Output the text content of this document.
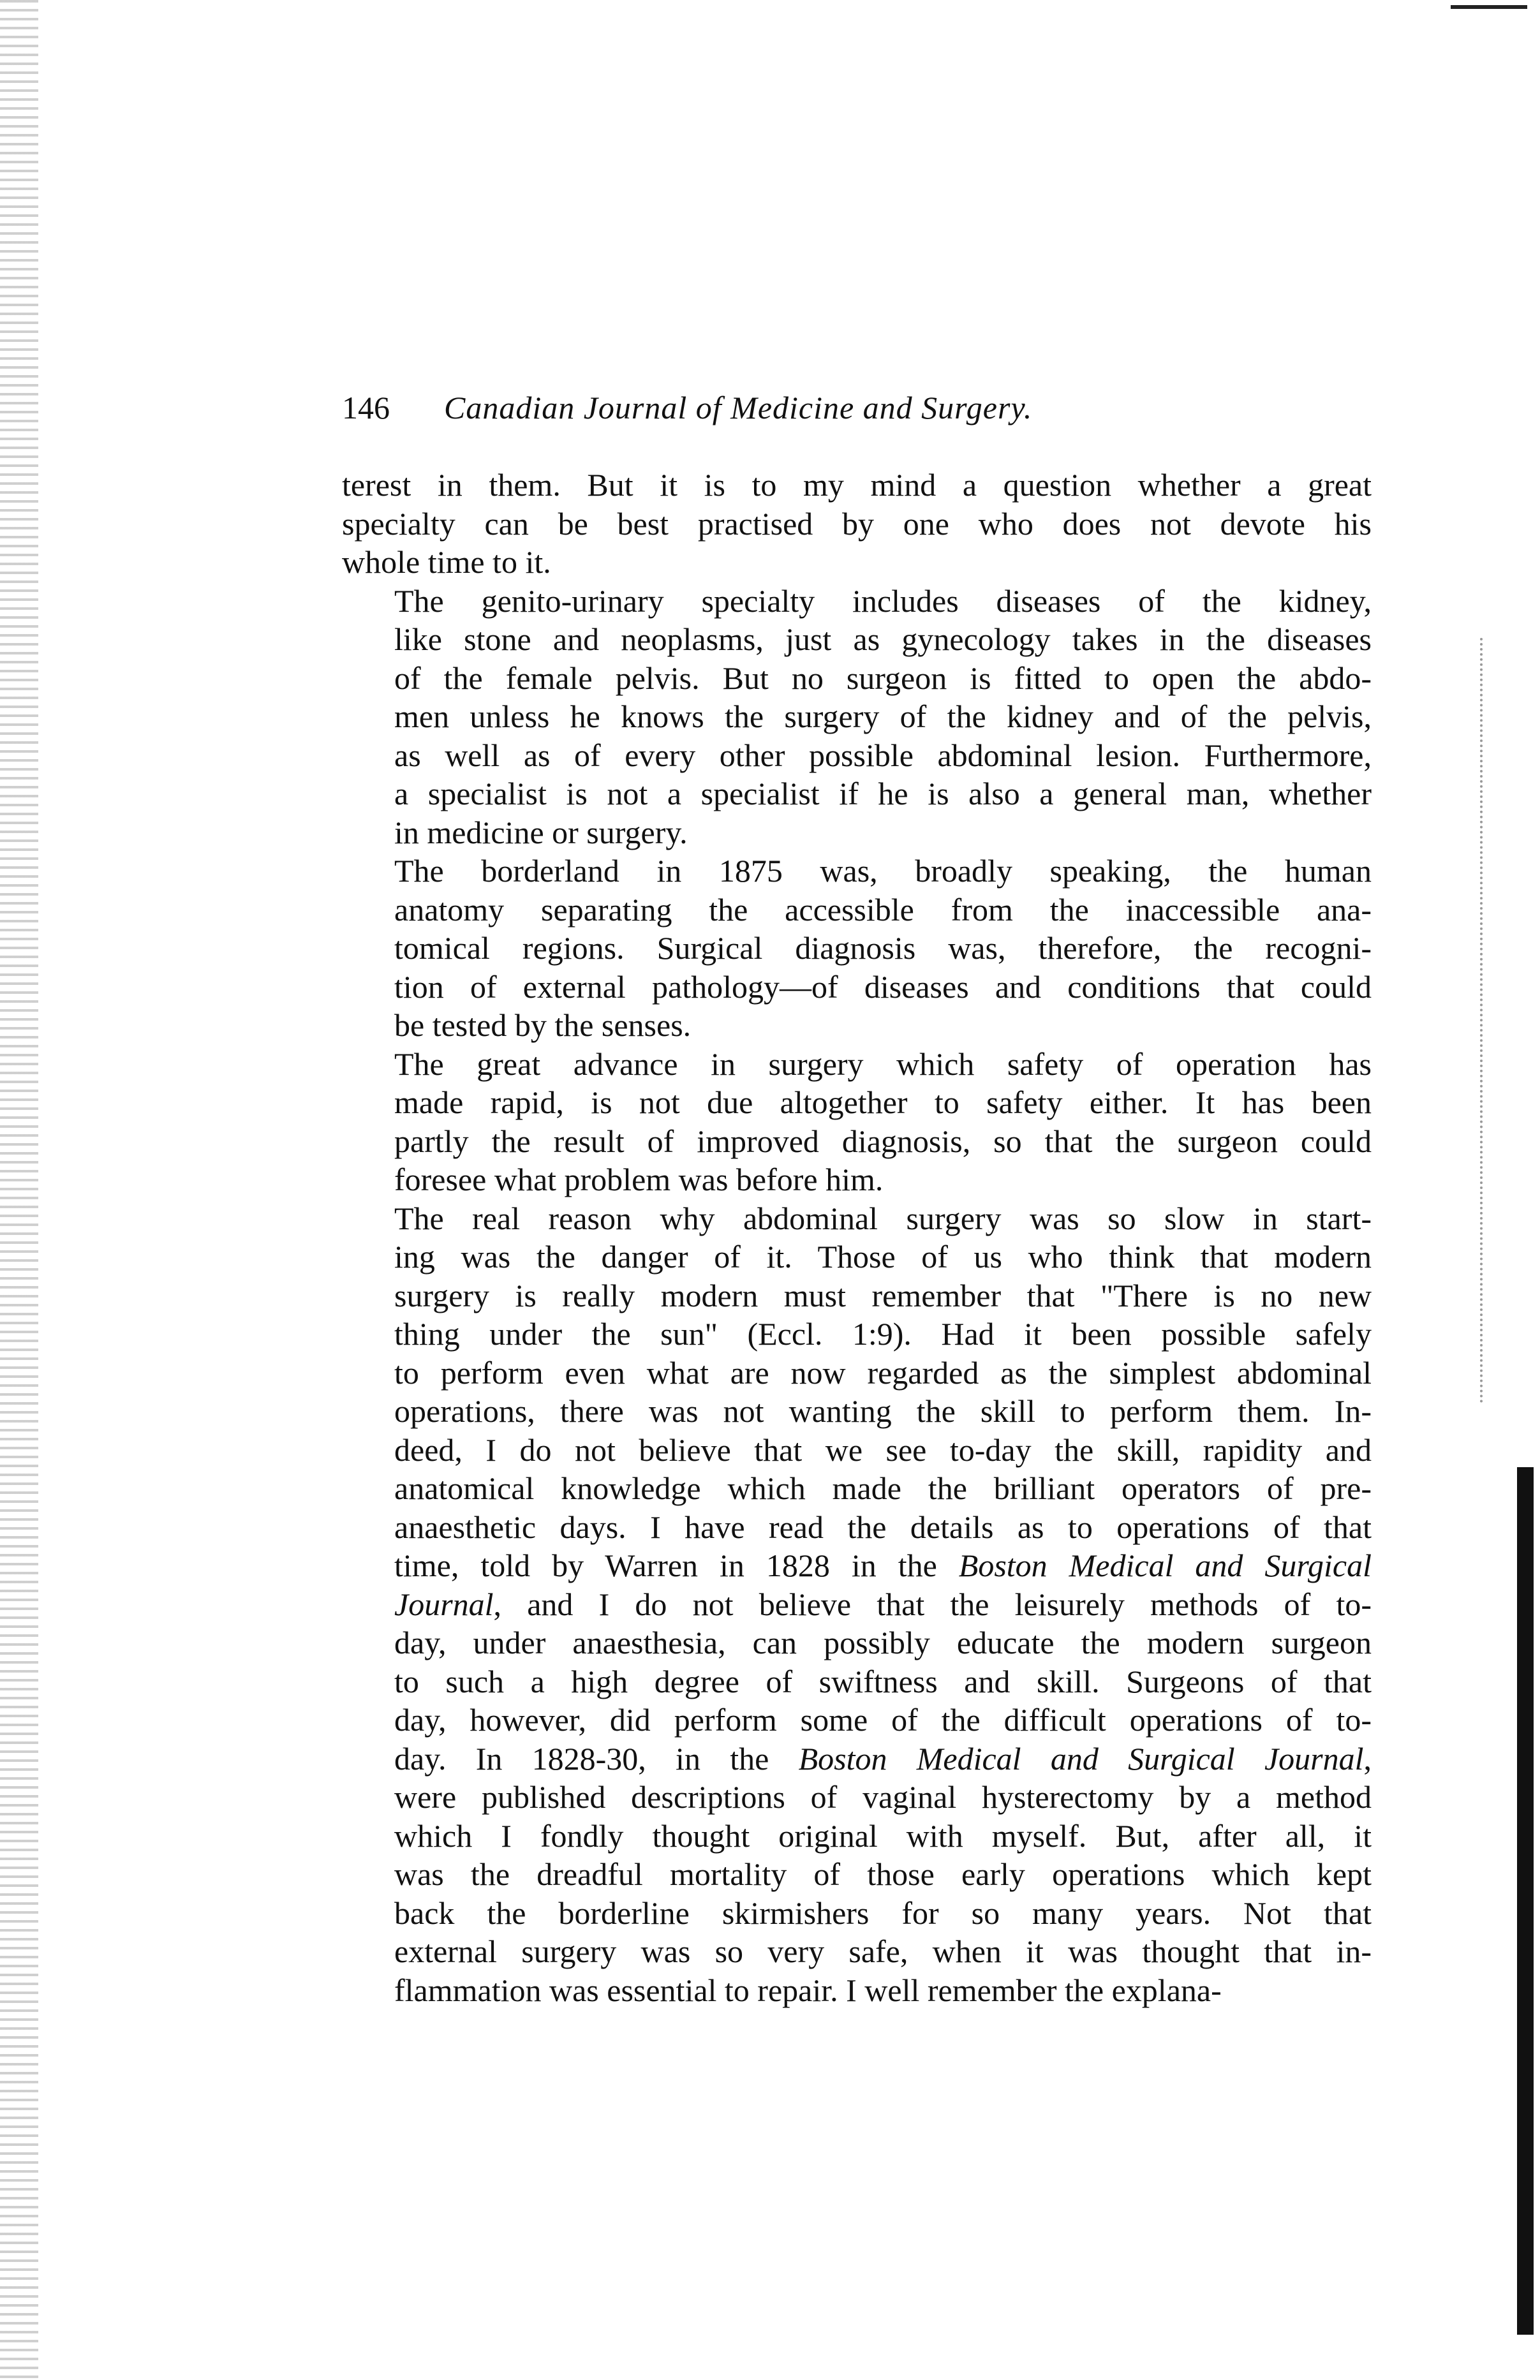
146	Canadian Journal of Medicine and Surgery.

terest in them. But it is to my mind a question whether a great
specialty can be best practised by one who does not devote his
whole time to it.

The genito-urinary specialty includes diseases of the kidney,
like stone and neoplasms, just as gynecology takes in the diseases
of the female pelvis. But no surgeon is fitted to open the abdo-
men unless he knows the surgery of the kidney and of the pelvis,
as well as of every other possible abdominal lesion. Furthermore,
a specialist is not a specialist if he is also a general man, whether
in medicine or surgery.

The borderland in 1875 was, broadly speaking, the human
anatomy separating the accessible from the inaccessible ana-
tomical regions. Surgical diagnosis was, therefore, the recogni-
tion of external pathology—of diseases and conditions that could
be tested by the senses.

The great advance in surgery which safety of operation has
made rapid, is not due altogether to safety either. It has been
partly the result of improved diagnosis, so that the surgeon could
foresee what problem was before him.

The real reason why abdominal surgery was so slow in start-
ing was the danger of it. Those of us who think that modern
surgery is really modern must remember that "There is no new
thing under the sun" (Eccl. 1:9). Had it been possible safely
to perform even what are now regarded as the simplest abdominal
operations, there was not wanting the skill to perform them. In-
deed, I do not believe that we see to-day the skill, rapidity and
anatomical knowledge which made the brilliant operators of pre-
anaesthetic days. I have read the details as to operations of that
time, told by Warren in 1828 in the Boston Medical and Surgical
Journal, and I do not believe that the leisurely methods of to-
day, under anaesthesia, can possibly educate the modern surgeon
to such a high degree of swiftness and skill. Surgeons of that
day, however, did perform some of the difficult operations of to-
day. In 1828-30, in the Boston Medical and Surgical Journal,
were published descriptions of vaginal hysterectomy by a method
which I fondly thought original with myself. But, after all, it
was the dreadful mortality of those early operations which kept
back the borderline skirmishers for so many years. Not that
external surgery was so very safe, when it was thought that in-
flammation was essential to repair. I well remember the explana-
